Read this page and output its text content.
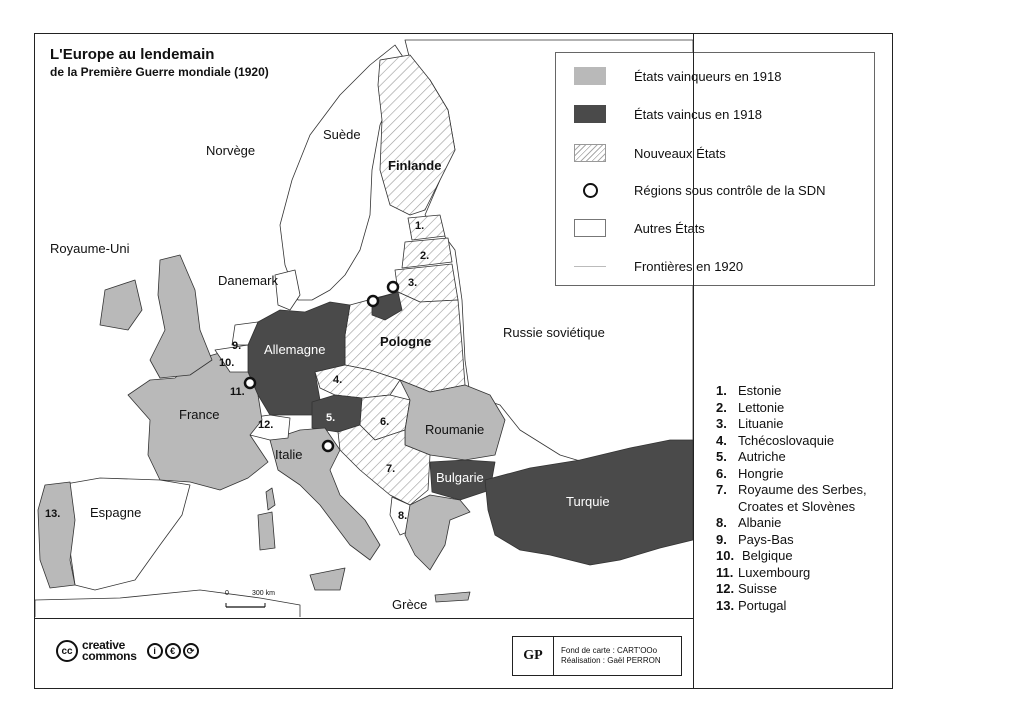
L'Europe au lendemain
de la Première Guerre mondiale (1920)
Norvège
Suède
Finlande
Royaume-Uni
Danemark
Allemagne
Pologne
Russie soviétique
France
Italie
Espagne
Roumanie
Bulgarie
Turquie
Grèce
1.
2.
3.
4.
5.	6.
7.
8.
9.
10.
11.
12.
13.
0	300 km
États vainqueurs en 1918
États vaincus en 1918
Nouveaux États
Régions sous contrôle de la SDN
Autres États
Frontières en 1920
1. Estonie
2. Lettonie
3. Lituanie
4. Tchécoslovaquie
5. Autriche
6. Hongrie
7. Royaume des Serbes, Croates et Slovènes
8. Albanie
9. Pays-Bas
10. Belgique
11. Luxembourg
12. Suisse
13. Portugal
cc creative
commons	i	€	⟳	GP	Fond de carte : CART'OOo
Réalisation : Gaël PERRON
